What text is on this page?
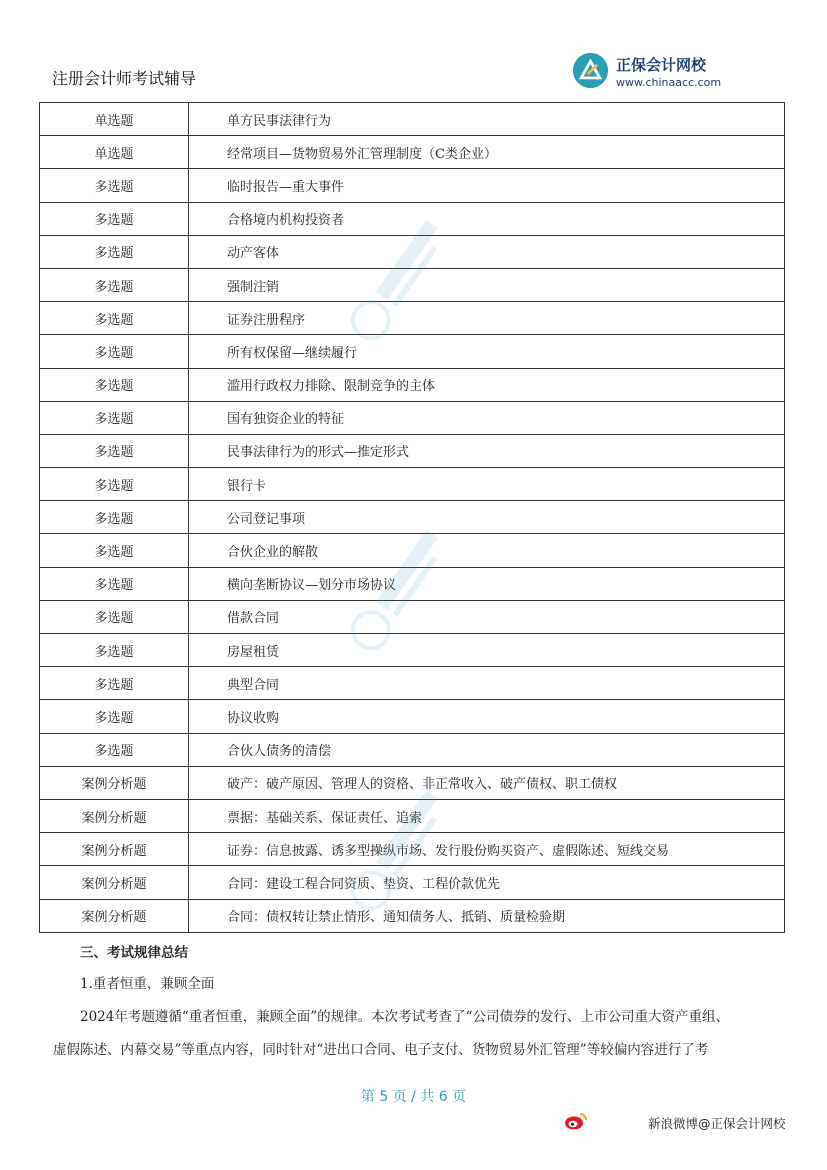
注册会计师考试辅导
正保会计网校
www.chinaacc.com
单选题	单方民事法律行为
单选题	经常项目—货物贸易外汇管理制度（C类企业）
多选题	临时报告—重大事件
多选题	合格境内机构投资者
多选题	动产客体
多选题	强制注销
多选题	证券注册程序
多选题	所有权保留—继续履行
多选题	滥用行政权力排除、限制竞争的主体
多选题	国有独资企业的特征
多选题	民事法律行为的形式—推定形式
多选题	银行卡
多选题	公司登记事项
多选题	合伙企业的解散
多选题	横向垄断协议—划分市场协议
多选题	借款合同
多选题	房屋租赁
多选题	典型合同
多选题	协议收购
多选题	合伙人债务的清偿
案例分析题	破产：破产原因、管理人的资格、非正常收入、破产债权、职工债权
案例分析题	票据：基础关系、保证责任、追索
案例分析题	证券：信息披露、诱多型操纵市场、发行股份购买资产、虚假陈述、短线交易
案例分析题	合同：建设工程合同资质、垫资、工程价款优先
案例分析题	合同：债权转让禁止情形、通知债务人、抵销、质量检验期
三、考试规律总结
1.重者恒重，兼顾全面
2024年考题遵循“重者恒重，兼顾全面”的规律。本次考试考查了“公司债券的发行、上市公司重大资产重组、
虚假陈述、内幕交易”等重点内容，同时针对“进出口合同、电子支付、货物贸易外汇管理”等较偏内容进行了考
第 5 页 / 共 6 页
新浪微博@正保会计网校
